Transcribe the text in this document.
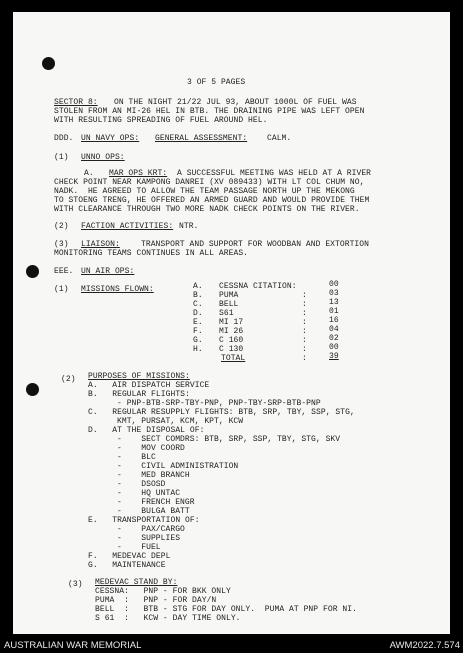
3 OF 5 PAGES
SECTOR 8: ON THE NIGHT 21/22 JUL 93, ABOUT 1000L OF FUEL WAS
STOLEN FROM AN MI-26 HEL IN BTB. THE DRAINING PIPE WAS LEFT OPEN
WITH RESULTING SPREADING OF FUEL AROUND HEL.
DDD. UN NAVY OPS: GENERAL ASSESSMENT: CALM.
(1) UNNO OPS:
A. MAR OPS KRT: A SUCCESSFUL MEETING WAS HELD AT A RIVER
CHECK POINT NEAR KAMPONG DANREI (XV 089433) WITH LT COL CHUM NO,
NADK.  HE AGREED TO ALLOW THE TEAM PASSAGE NORTH UP THE MEKONG
TO STOENG TRENG, HE OFFERED AN ARMED GUARD AND WOULD PROVIDE THEM
WITH CLEARANCE THROUGH TWO MORE NADK CHECK POINTS ON THE RIVER.
(2) FACTION ACTIVITIES: NTR.
(3) LIAISON:	TRANSPORT AND SUPPORT FOR WOODBAN AND EXTORTION
MONITORING TEAMS CONTINUES IN ALL AREAS.
EEE. UN AIR OPS:
(1) MISSIONS FLOWN:	A. CESSNA CITATION:	00
B. PUMA	:	03
C. BELL	:	13
D. S61	:	01
E. MI 17	:	16
F. MI 26	:	04
G. C 160	:	02
H. C 130	:	00
TOTAL	:	39
(2) PURPOSES OF MISSIONS:
A.   AIR DISPATCH SERVICE
B.   REGULAR FLIGHTS:
- PNP-BTB-SRP-TBY-PNP, PNP-TBY-SRP-BTB-PNP
C.   REGULAR RESUPPLY FLIGHTS: BTB, SRP, TBY, SSP, STG,
KMT, PURSAT, KCM, KPT, KCW
D.   AT THE DISPOSAL OF:
-    SECT COMDRS: BTB, SRP, SSP, TBY, STG, SKV
-    MOV COORD
-    BLC
-    CIVIL ADMINISTRATION
-    MED BRANCH
-    DSOSD
-    HQ UNTAC
-    FRENCH ENGR
-    BULGA BATT
E.   TRANSPORTATION OF:
-    PAX/CARGO
-    SUPPLIES
-    FUEL
F.   MEDEVAC DEPL
G.   MAINTENANCE
(3) MEDEVAC STAND BY:
CESSNA:   PNP - FOR BKK ONLY
PUMA  :   PNP - FOR DAY/N
BELL  :   BTB - STG FOR DAY ONLY.  PUMA AT PNP FOR NI.
S 61  :   KCW - DAY TIME ONLY.
AUSTRALIAN WAR MEMORIAL	AWM2022.7.574
